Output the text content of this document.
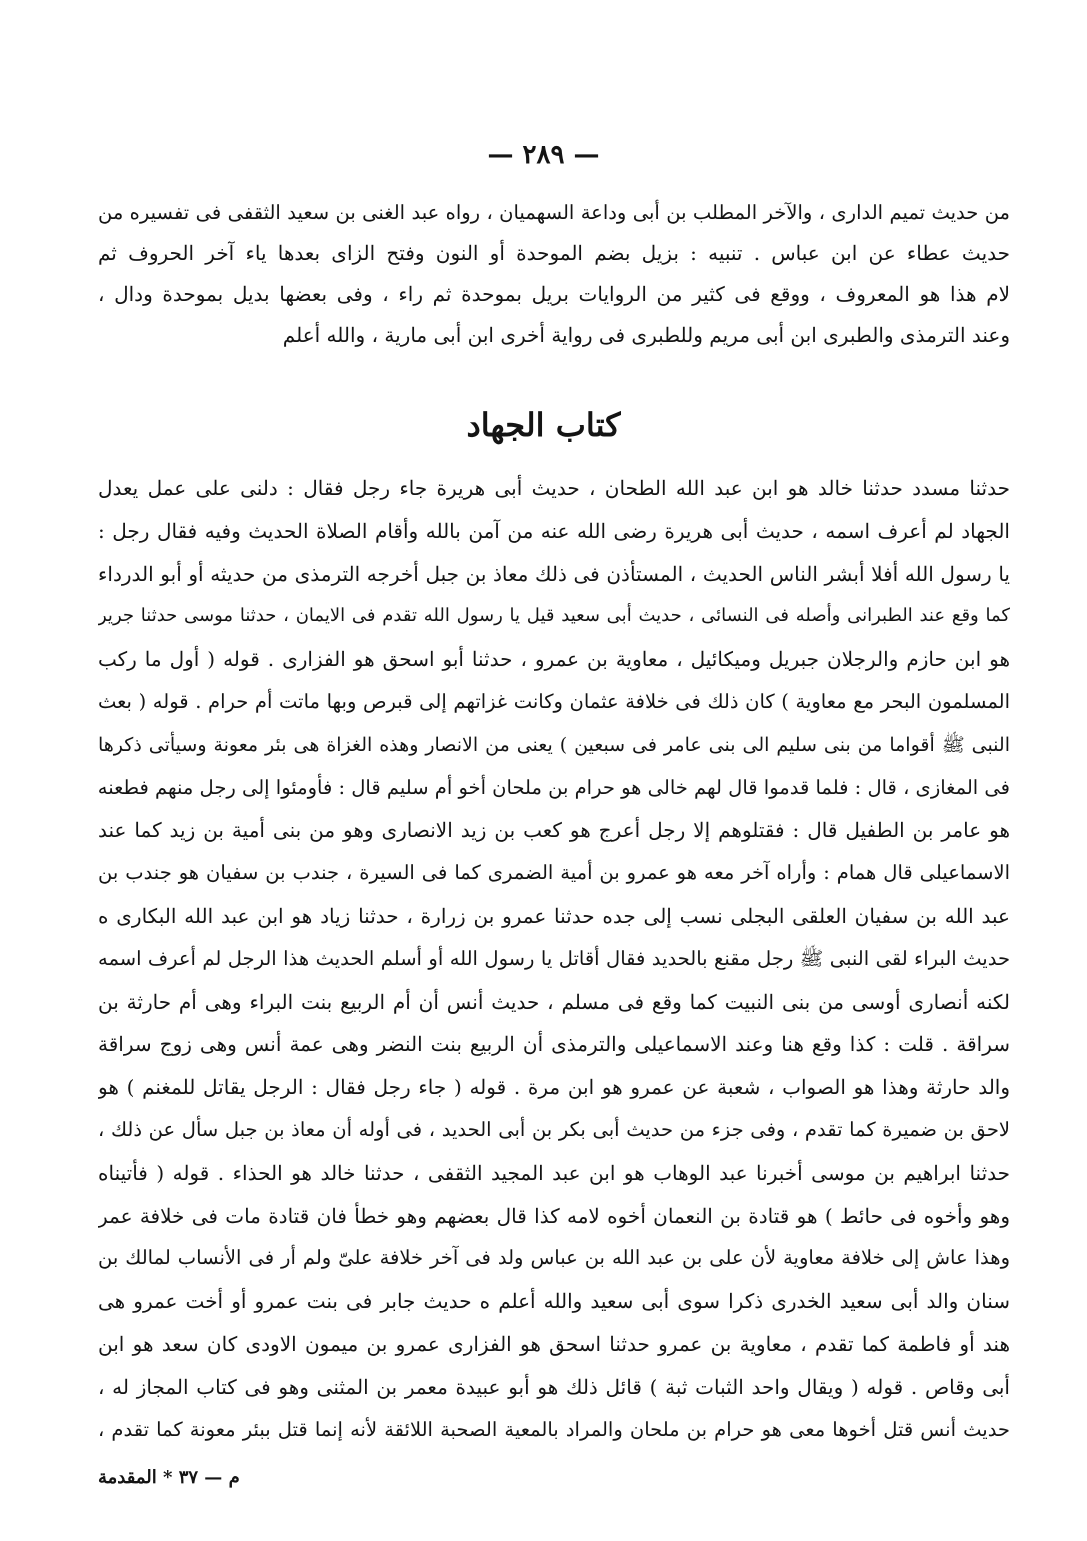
— ٢٨٩ —
من حديث تميم الدارى ، والآخر المطلب بن أبى وداعة السهميان ، رواه عبد الغنى بن سعيد الثقفى فى تفسيره من
حديث عطاء عن ابن عباس . تنبيه : بزيل بضم الموحدة أو النون وفتح الزاى بعدها ياء آخر الحروف ثم
لام هذا هو المعروف ، ووقع فى كثير من الروايات بريل بموحدة ثم راء ، وفى بعضها بديل بموحدة ودال ،
وعند الترمذى والطبرى ابن أبى مريم وللطبرى فى رواية أخرى ابن أبى مارية ، والله أعلم
كتاب الجهاد
حدثنا مسدد حدثنا خالد هو ابن عبد الله الطحان ، حديث أبى هريرة جاء رجل فقال : دلنى على عمل يعدل
الجهاد لم أعرف اسمه ، حديث أبى هريرة رضى الله عنه من آمن بالله وأقام الصلاة الحديث وفيه فقال رجل :
يا رسول الله أفلا أبشر الناس الحديث ، المستأذن فى ذلك معاذ بن جبل أخرجه الترمذى من حديثه أو أبو الدرداء
كما وقع عند الطبرانى وأصله فى النسائى ، حديث أبى سعيد قيل يا رسول الله تقدم فى الايمان ، حدثنا موسى حدثنا جرير
هو ابن حازم والرجلان جبريل وميكائيل ، معاوية بن عمرو ، حدثنا أبو اسحق هو الفزارى . قوله ( أول ما ركب
المسلمون البحر مع معاوية ) كان ذلك فى خلافة عثمان وكانت غزاتهم إلى قبرص وبها ماتت أم حرام . قوله ( بعث
النبى ﷺ أقواما من بنى سليم الى بنى عامر فى سبعين ) يعنى من الانصار وهذه الغزاة هى بئر معونة وسيأتى ذكرها
فى المغازى ، قال : فلما قدموا قال لهم خالى هو حرام بن ملحان أخو أم سليم قال : فأومئوا إلى رجل منهم فطعنه
هو عامر بن الطفيل قال : فقتلوهم إلا رجل أعرج هو كعب بن زيد الانصارى وهو من بنى أمية بن زيد كما عند
الاسماعيلى قال همام : وأراه آخر معه هو عمرو بن أمية الضمرى كما فى السيرة ، جندب بن سفيان هو جندب بن
عبد الله بن سفيان العلقى البجلى نسب إلى جده حدثنا عمرو بن زرارة ، حدثنا زياد هو ابن عبد الله البكارى ه
حديث البراء لقى النبى ﷺ رجل مقنع بالحديد فقال أقاتل يا رسول الله أو أسلم الحديث هذا الرجل لم أعرف اسمه
لكنه أنصارى أوسى من بنى النبيت كما وقع فى مسلم ، حديث أنس أن أم الربيع بنت البراء وهى أم حارثة بن
سراقة . قلت : كذا وقع هنا وعند الاسماعيلى والترمذى أن الربيع بنت النضر وهى عمة أنس وهى زوج سراقة
والد حارثة وهذا هو الصواب ، شعبة عن عمرو هو ابن مرة . قوله ( جاء رجل فقال : الرجل يقاتل للمغنم ) هو
لاحق بن ضميرة كما تقدم ، وفى جزء من حديث أبى بكر بن أبى الحديد ، فى أوله أن معاذ بن جبل سأل عن ذلك ،
حدثنا ابراهيم بن موسى أخبرنا عبد الوهاب هو ابن عبد المجيد الثقفى ، حدثنا خالد هو الحذاء . قوله ( فأتيناه
وهو وأخوه فى حائط ) هو قتادة بن النعمان أخوه لامه كذا قال بعضهم وهو خطأ فان قتادة مات فى خلافة عمر
وهذا عاش إلى خلافة معاوية لأن على بن عبد الله بن عباس ولد فى آخر خلافة علىّ ولم أر فى الأنساب لمالك بن
سنان والد أبى سعيد الخدرى ذكرا سوى أبى سعيد والله أعلم ه حديث جابر فى بنت عمرو أو أخت عمرو هى
هند أو فاطمة كما تقدم ، معاوية بن عمرو حدثنا اسحق هو الفزارى عمرو بن ميمون الاودى كان سعد هو ابن
أبى وقاص . قوله ( ويقال واحد الثبات ثبة ) قائل ذلك هو أبو عبيدة معمر بن المثنى وهو فى كتاب المجاز له ،
حديث أنس قتل أخوها معى هو حرام بن ملحان والمراد بالمعية الصحبة اللائقة لأنه إنما قتل ببئر معونة كما تقدم ،
م — ٣٧ * المقدمة
